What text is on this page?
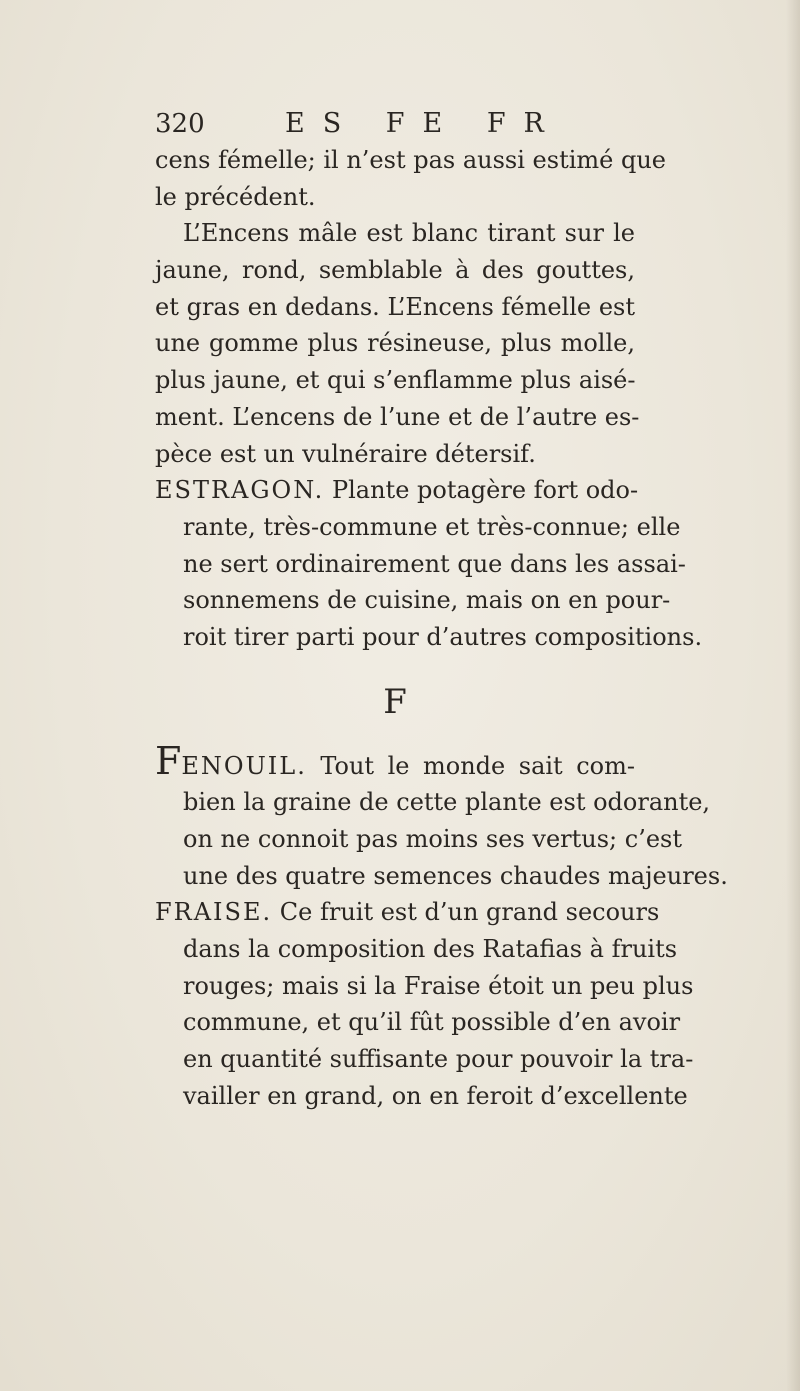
320	ES FE FR
cens fémelle; il n’est pas aussi estimé que
le précédent.
L’Encens mâle est blanc tirant sur le
jaune, rond, semblable à des gouttes,
et gras en dedans. L’Encens fémelle est
une gomme plus résineuse, plus molle,
plus jaune, et qui s’enflamme plus aisé-
ment. L’encens de l’une et de l’autre es-
pèce est un vulnéraire détersif.
ESTRAGON. Plante potagère fort odo-
rante, très-commune et très-connue; elle
ne sert ordinairement que dans les assai-
sonnemens de cuisine, mais on en pour-
roit tirer parti pour d’autres compositions.
F
FENOUIL. Tout le monde sait com-
bien la graine de cette plante est odorante,
on ne connoit pas moins ses vertus; c’est
une des quatre semences chaudes majeures.
FRAISE. Ce fruit est d’un grand secours
dans la composition des Ratafias à fruits
rouges; mais si la Fraise étoit un peu plus
commune, et qu’il fût possible d’en avoir
en quantité suffisante pour pouvoir la tra-
vailler en grand, on en feroit d’excellente
